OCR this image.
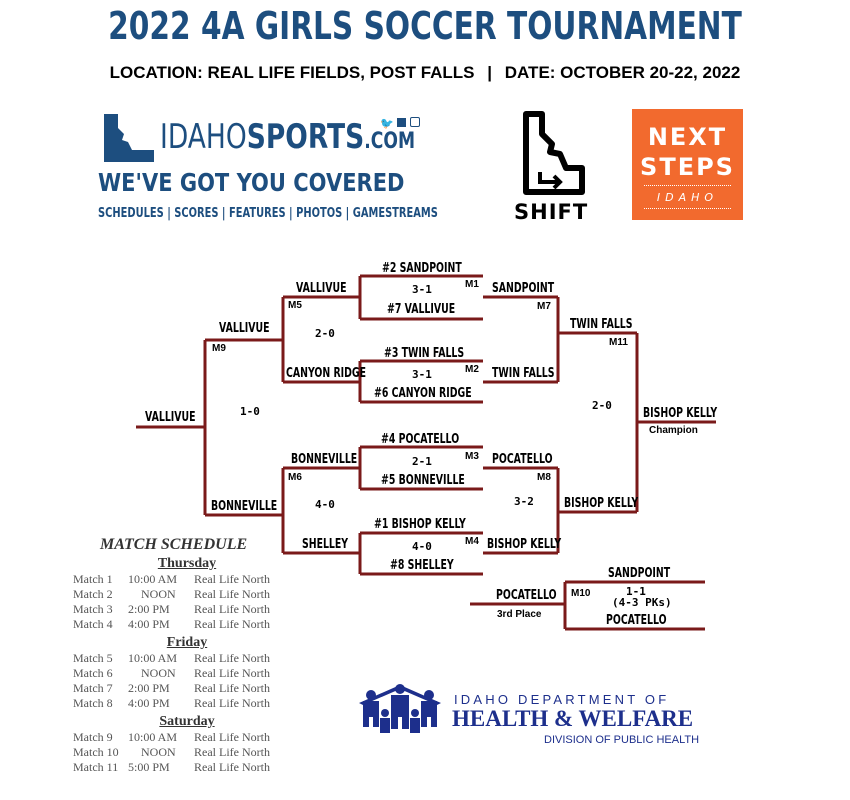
2022 4A GIRLS SOCCER TOURNAMENT
LOCATION: REAL LIFE FIELDS, POST FALLS | DATE: OCTOBER 20-22, 2022
IDAHOSPORTS.COM
🐦
WE'VE GOT YOU COVERED
SCHEDULES | SCORES | FEATURES | PHOTOS | GAMESTREAMS	SHIFT
NEXT
STEPS
IDAHO
#2 SANDPOINT
3-1	M1
#7 VALLIVUE
#3 TWIN FALLS
3-1	M2
#6 CANYON RIDGE
#4 POCATELLO
2-1	M3
#5 BONNEVILLE
#1 BISHOP KELLY
4-0	M4
#8 SHELLEY
VALLIVUE
M5
2-0
CANYON RIDGE
BONNEVILLE
M6
4-0
SHELLEY
VALLIVUE
M9
1-0
BONNEVILLE
VALLIVUE
SANDPOINT
M7
TWIN FALLS
POCATELLO
M8
3-2
BISHOP KELLY
TWIN FALLS
M11
2-0
BISHOP KELLY
BISHOP KELLY
Champion
SANDPOINT
M10	1-1
(4-3 PKs)
POCATELLO
POCATELLO
3rd Place
MATCH SCHEDULE
Thursday
Match 1 10:00 AM Real Life North
Match 2 NOON Real Life North
Match 3 2:00 PM Real Life North
Match 4 4:00 PM Real Life North
Friday
Match 5 10:00 AM Real Life North
Match 6 NOON Real Life North
Match 7 2:00 PM Real Life North
Match 8 4:00 PM Real Life North
Saturday
Match 9 10:00 AM Real Life North
Match 10 NOON Real Life North
Match 11 5:00 PM Real Life North
IDAHO DEPARTMENT OF
HEALTH & WELFARE
DIVISION OF PUBLIC HEALTH
